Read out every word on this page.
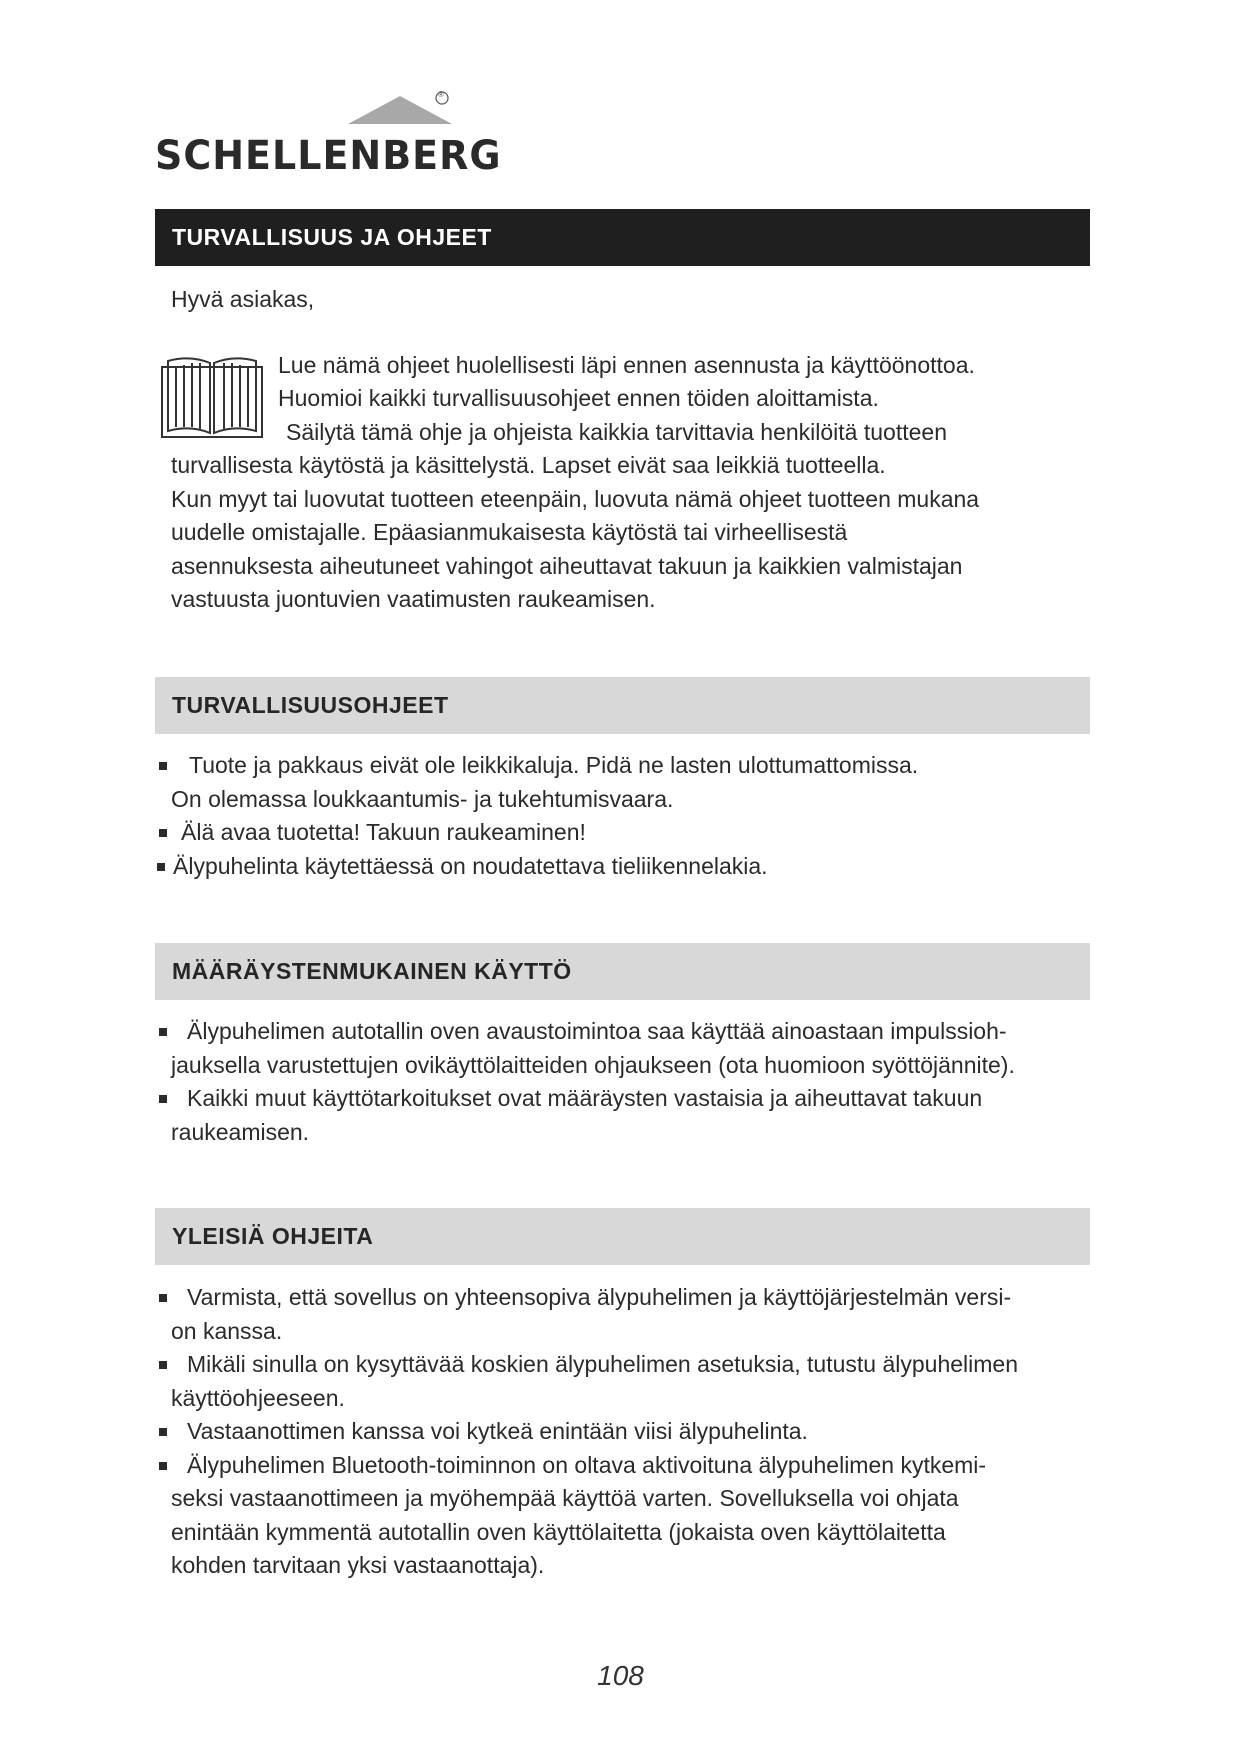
®
SCHELLENBERG
TURVALLISUUS JA OHJEET
Hyvä asiakas,
Lue nämä ohjeet huolellisesti läpi ennen asennusta ja käyttöönottoa.
Huomioi kaikki turvallisuusohjeet ennen töiden aloittamista.
Säilytä tämä ohje ja ohjeista kaikkia tarvittavia henkilöitä tuotteen
turvallisesta käytöstä ja käsittelystä. Lapset eivät saa leikkiä tuotteella.
Kun myyt tai luovutat tuotteen eteenpäin, luovuta nämä ohjeet tuotteen mukana
uudelle omistajalle. Epäasianmukaisesta käytöstä tai virheellisestä
asennuksesta aiheutuneet vahingot aiheuttavat takuun ja kaikkien valmistajan
vastuusta juontuvien vaatimusten raukeamisen.
TURVALLISUUSOHJEET
Tuote ja pakkaus eivät ole leikkikaluja. Pidä ne lasten ulottumattomissa.
On olemassa loukkaantumis- ja tukehtumisvaara.
Älä avaa tuotetta! Takuun raukeaminen!
Älypuhelinta käytettäessä on noudatettava tieliikennelakia.
MÄÄRÄYSTENMUKAINEN KÄYTTÖ
Älypuhelimen autotallin oven avaustoimintoa saa käyttää ainoastaan impulssioh-
jauksella varustettujen ovikäyttölaitteiden ohjaukseen (ota huomioon syöttöjännite).
Kaikki muut käyttötarkoitukset ovat määräysten vastaisia ja aiheuttavat takuun
raukeamisen.
YLEISIÄ OHJEITA
Varmista, että sovellus on yhteensopiva älypuhelimen ja käyttöjärjestelmän versi-
on kanssa.
Mikäli sinulla on kysyttävää koskien älypuhelimen asetuksia, tutustu älypuhelimen
käyttöohjeeseen.
Vastaanottimen kanssa voi kytkeä enintään viisi älypuhelinta.
Älypuhelimen Bluetooth-toiminnon on oltava aktivoituna älypuhelimen kytkemi-
seksi vastaanottimeen ja myöhempää käyttöä varten. Sovelluksella voi ohjata
enintään kymmentä autotallin oven käyttölaitetta (jokaista oven käyttölaitetta
kohden tarvitaan yksi vastaanottaja).
108
